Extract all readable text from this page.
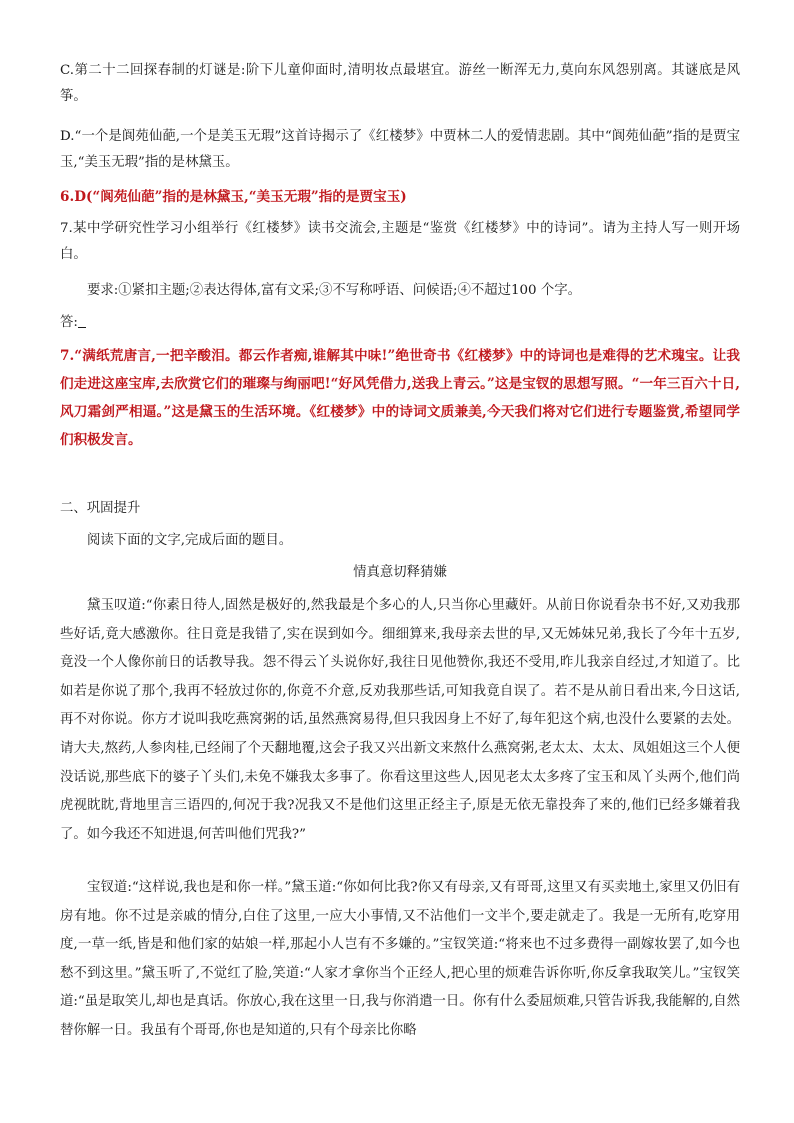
C.第二十二回探春制的灯谜是:阶下儿童仰面时,清明妆点最堪宜。游丝一断浑无力,莫向东风怨别离。其谜底是风筝。

D.“一个是阆苑仙葩,一个是美玉无瑕”这首诗揭示了《红楼梦》中贾林二人的爱情悲剧。其中“阆苑仙葩”指的是贾宝玉,“美玉无瑕”指的是林黛玉。

6.D(“阆苑仙葩”指的是林黛玉,“美玉无瑕”指的是贾宝玉)

7.某中学研究性学习小组举行《红楼梦》读书交流会,主题是“鉴赏《红楼梦》中的诗词”。请为主持人写一则开场白。

要求:①紧扣主题;②表达得体,富有文采;③不写称呼语、问候语;④不超过100 个字。

答:

7.“满纸荒唐言,一把辛酸泪。都云作者痴,谁解其中味!”绝世奇书《红楼梦》中的诗词也是难得的艺术瑰宝。让我们走进这座宝库,去欣赏它们的璀璨与绚丽吧!“好风凭借力,送我上青云。”这是宝钗的思想写照。“一年三百六十日,风刀霜剑严相逼。”这是黛玉的生活环境。《红楼梦》中的诗词文质兼美,今天我们将对它们进行专题鉴赏,希望同学们积极发言。

二、巩固提升

阅读下面的文字,完成后面的题目。

情真意切释猜嫌

黛玉叹道:“你素日待人,固然是极好的,然我最是个多心的人,只当你心里藏奸。从前日你说看杂书不好,又劝我那些好话,竟大感激你。往日竟是我错了,实在误到如今。细细算来,我母亲去世的早,又无姊妹兄弟,我长了今年十五岁,竟没一个人像你前日的话教导我。怨不得云丫头说你好,我往日见他赞你,我还不受用,昨儿我亲自经过,才知道了。比如若是你说了那个,我再不轻放过你的,你竟不介意,反劝我那些话,可知我竟自误了。若不是从前日看出来,今日这话,再不对你说。你方才说叫我吃燕窝粥的话,虽然燕窝易得,但只我因身上不好了,每年犯这个病,也没什么要紧的去处。请大夫,熬药,人参肉桂,已经闹了个天翻地覆,这会子我又兴出新文来熬什么燕窝粥,老太太、太太、凤姐姐这三个人便没话说,那些底下的婆子丫头们,未免不嫌我太多事了。你看这里这些人,因见老太太多疼了宝玉和凤丫头两个,他们尚虎视眈眈,背地里言三语四的,何况于我?况我又不是他们这里正经主子,原是无依无靠投奔了来的,他们已经多嫌着我了。如今我还不知进退,何苦叫他们咒我?”

宝钗道:“这样说,我也是和你一样。”黛玉道:“你如何比我?你又有母亲,又有哥哥,这里又有买卖地土,家里又仍旧有房有地。你不过是亲戚的情分,白住了这里,一应大小事情,又不沾他们一文半个,要走就走了。我是一无所有,吃穿用度,一草一纸,皆是和他们家的姑娘一样,那起小人岂有不多嫌的。”宝钗笑道:“将来也不过多费得一副嫁妆罢了,如今也愁不到这里。”黛玉听了,不觉红了脸,笑道:“人家才拿你当个正经人,把心里的烦难告诉你听,你反拿我取笑儿。”宝钗笑道:“虽是取笑儿,却也是真话。你放心,我在这里一日,我与你消遣一日。你有什么委屈烦难,只管告诉我,我能解的,自然替你解一日。我虽有个哥哥,你也是知道的,只有个母亲比你略
